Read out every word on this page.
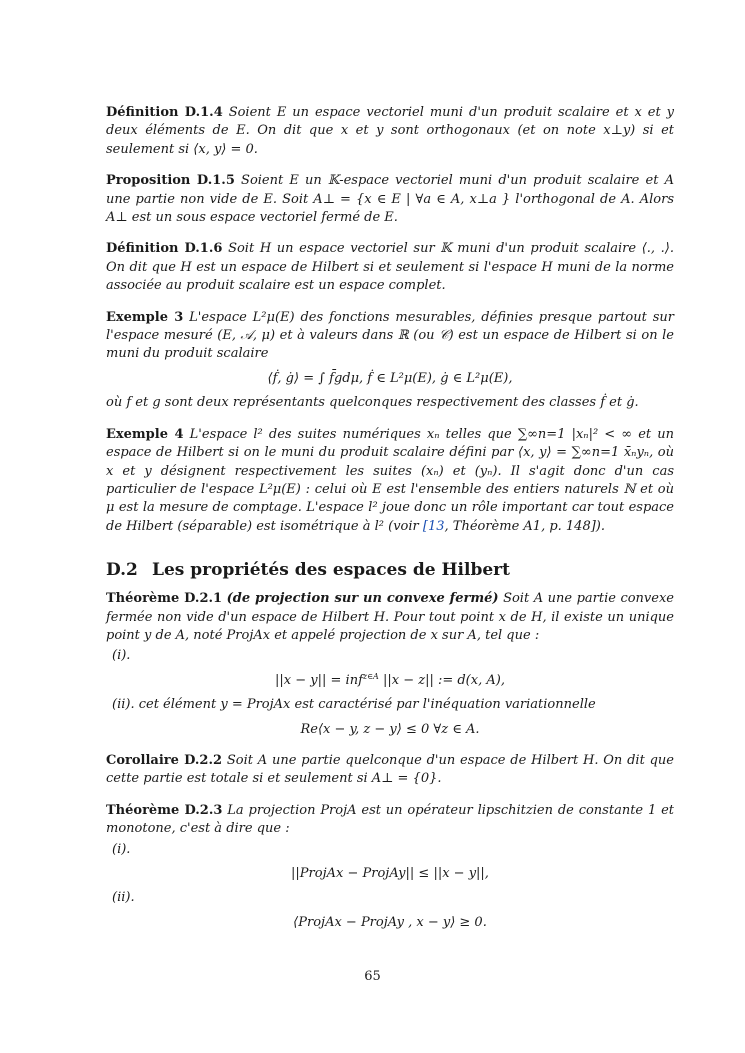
Définition D.1.4 Soient E un espace vectoriel muni d'un produit scalaire et x et y deux éléments de E. On dit que x et y sont orthogonaux (et on note x⊥y) si et seulement si ⟨x, y⟩ = 0.

Proposition D.1.5 Soient E un 𝕂-espace vectoriel muni d'un produit scalaire et A une partie non vide de E. Soit A⊥ = {x ∈ E | ∀a ∈ A, x⊥a } l'orthogonal de A. Alors A⊥ est un sous espace vectoriel fermé de E.

Définition D.1.6 Soit H un espace vectoriel sur 𝕂 muni d'un produit scalaire ⟨., .⟩. On dit que H est un espace de Hilbert si et seulement si l'espace H muni de la norme associée au produit scalaire est un espace complet.

Exemple 3 L'espace L²μ(E) des fonctions mesurables, définies presque partout sur l'espace mesuré (E, 𝒜, μ) et à valeurs dans ℝ (ou 𝒞) est un espace de Hilbert si on le muni du produit scalaire
⟨ḟ, ġ⟩ = ∫ f̄gdμ, ḟ ∈ L²μ(E), ġ ∈ L²μ(E),
où f et g sont deux représentants quelconques respectivement des classes ḟ et ġ.

Exemple 4 L'espace l² des suites numériques xₙ telles que ∑∞n=1 |xₙ|² < ∞ et un espace de Hilbert si on le muni du produit scalaire défini par ⟨x, y⟩ = ∑∞n=1 x̄ₙyₙ, où x et y désignent respectivement les suites (xₙ) et (yₙ). Il s'agit donc d'un cas particulier de l'espace L²μ(E) : celui où E est l'ensemble des entiers naturels ℕ et où μ est la mesure de comptage. L'espace l² joue donc un rôle important car tout espace de Hilbert (séparable) est isométrique à l² (voir [13, Théorème A1, p. 148]).

D.2 Les propriétés des espaces de Hilbert
Théorème D.2.1 (de projection sur un convexe fermé) Soit A une partie convexe fermée non vide d'un espace de Hilbert H. Pour tout point x de H, il existe un unique point y de A, noté ProjAx et appelé projection de x sur A, tel que :
(i).
||x − y|| = inf z∈A ||x − z|| := d(x, A),
(ii). cet élément y = ProjAx est caractérisé par l'inéquation variationnelle
Re⟨x − y, z − y⟩ ≤ 0 ∀z ∈ A.

Corollaire D.2.2 Soit A une partie quelconque d'un espace de Hilbert H. On dit que cette partie est totale si et seulement si A⊥ = {0}.

Théorème D.2.3 La projection ProjA est un opérateur lipschitzien de constante 1 et monotone, c'est à dire que :
(i).
||ProjAx − ProjAy|| ≤ ||x − y||,
(ii).
⟨ProjAx − ProjAy , x − y⟩ ≥ 0.
65
